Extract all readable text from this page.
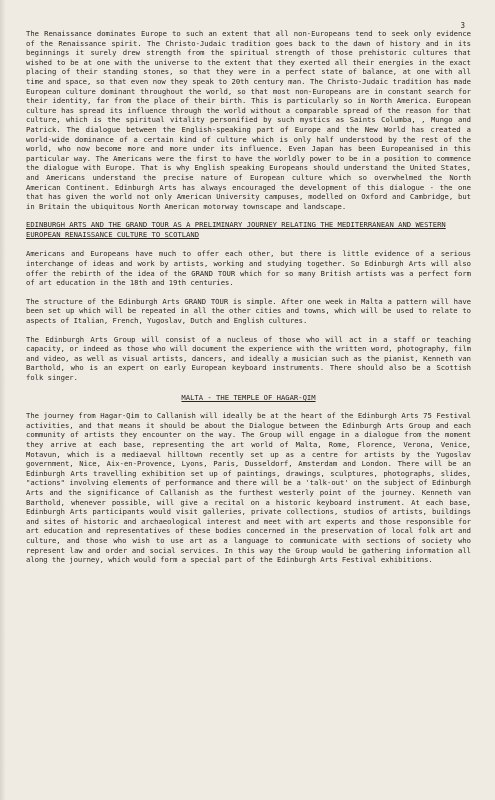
3

The Renaissance dominates Europe to such an extent that all non-Europeans tend to seek only evidence of the Renaissance spirit. The Christo-Judaic tradition goes back to the dawn of history and in its beginnings it surely drew strength from the spiritual strength of those prehistoric cultures that wished to be at one with the universe to the extent that they exerted all their energies in the exact placing of their standing stones, so that they were in a perfect state of balance, at one with all time and space, so that even now they speak to 20th century man. The Christo-Judaic tradition has made European culture dominant throughout the world, so that most non-Europeans are in constant search for their identity, far from the place of their birth. This is particularly so in North America. European culture has spread its influence through the world without a comparable spread of the reason for that culture, which is the spiritual vitality personified by such mystics as Saints Columba, , Mungo and Patrick. The dialogue between the English-speaking part of Europe and the New World has created a world-wide dominance of a certain kind of culture which is only half understood by the rest of the world, who now become more and more under its influence. Even Japan has been Europeanised in this particular way. The Americans were the first to have the worldly power to be in a position to commence the dialogue with Europe. That is why English speaking Europeans should understand the United States, and Americans understand the precise nature of European culture which so overwhelmed the North American Continent. Edinburgh Arts has always encouraged the development of this dialogue - the one that has given the world not only American University campuses, modelled on Oxford and Cambridge, but in Britain the ubiquitous North American motorway townscape and landscape.

EDINBURGH ARTS AND THE GRAND TOUR AS A PRELIMINARY JOURNEY RELATING THE MEDITERRANEAN AND WESTERN EUROPEAN RENAISSANCE CULTURE TO SCOTLAND

Americans and Europeans have much to offer each other, but there is little evidence of a serious interchange of ideas and work by artists, working and studying together. So Edinburgh Arts will also offer the rebirth of the idea of the GRAND TOUR which for so many British artists was a perfect form of art education in the 18th and 19th centuries.

The structure of the Edinburgh Arts GRAND TOUR is simple. After one week in Malta a pattern will have been set up which will be repeated in all the other cities and towns, which will be used to relate to aspects of Italian, French, Yugoslav, Dutch and English cultures.

The Edinburgh Arts Group will consist of a nucleus of those who will act in a staff or teaching capacity, or indeed as those who will document the experience with the written word, photography, film and video, as well as visual artists, dancers, and ideally a musician such as the pianist, Kenneth van Barthold, who is an expert on early European keyboard instruments. There should also be a Scottish folk singer.

MALTA - THE TEMPLE OF HAGAR-QIM

The journey from Hagar-Qim to Callanish will ideally be at the heart of the Edinburgh Arts 75 Festival activities, and that means it should be about the Dialogue between the Edinburgh Arts Group and each community of artists they encounter on the way. The Group will engage in a dialogue from the moment they arrive at each base, representing the art world of Malta, Rome, Florence, Verona, Venice, Motavun, which is a mediaeval hilltown recently set up as a centre for artists by the Yugoslav government, Nice, Aix-en-Provence, Lyons, Paris, Dusseldorf, Amsterdam and London. There will be an Edinburgh Arts travelling exhibition set up of paintings, drawings, sculptures, photographs, slides, "actions" involving elements of performance and there will be a 'talk-out' on the subject of Edinburgh Arts and the significance of Callanish as the furthest westerly point of the journey. Kenneth van Barthold, whenever possible, will give a recital on a historic keyboard instrument. At each base, Edinburgh Arts participants would visit galleries, private collections, studios of artists, buildings and sites of historic and archaeological interest and meet with art experts and those responsible for art education and representatives of these bodies concerned in the preservation of local folk art and culture, and those who wish to use art as a language to communicate with sections of society who represent law and order and social services. In this way the Group would be gathering information all along the journey, which would form a special part of the Edinburgh Arts Festival exhibitions.
